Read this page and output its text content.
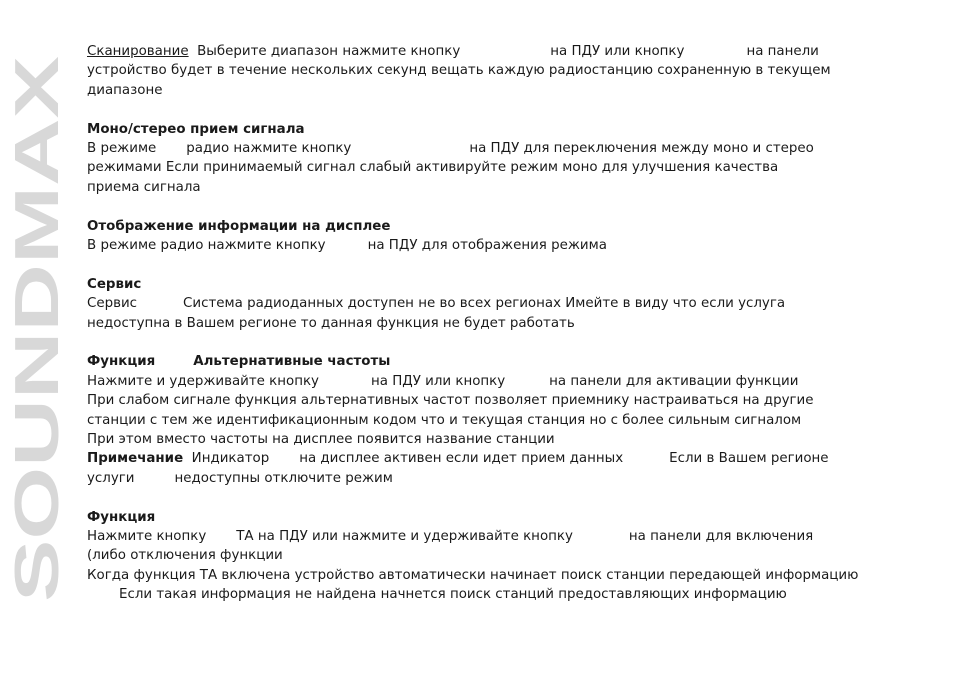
SOUNDMAX

Сканирование Выберите диапазон нажмите кнопку	на ПДУ или кнопку	на панели

устройство будет в течение нескольких секунд вещать каждую радиостанцию сохраненную в текущем

диапазоне

Моно/стерео прием сигнала

В режиме радио нажмите кнопку	на ПДУ для переключения между моно и стерео

режимами Если принимаемый сигнал слабый активируйте режим моно для улучшения качества

приема сигнала

Отображение информации на дисплее

В режиме радио нажмите кнопку	на ПДУ для отображения режима

Сервис

Сервис	Система радиоданных доступен не во всех регионах Имейте в виду что если услуга

недоступна в Вашем регионе то данная функция не будет работать

Функция	Альтернативные частоты

Нажмите и удерживайте кнопку	на ПДУ или кнопку	на панели для активации функции

При слабом сигнале функция альтернативных частот позволяет приемнику настраиваться на другие

станции с тем же идентификационным кодом что и текущая станция но с более сильным сигналом

При этом вместо частоты на дисплее появится название станции

Примечание Индикатор на дисплее активен если идет прием данных	Если в Вашем регионе

услуги	недоступны отключите режим

Функция

Нажмите кнопку ТА на ПДУ или нажмите и удерживайте кнопку	на панели для включения

(либо отключения функции

Когда функция ТА включена устройство автоматически начинает поиск станции передающей информацию

Если такая информация не найдена начнется поиск станций предоставляющих информацию
